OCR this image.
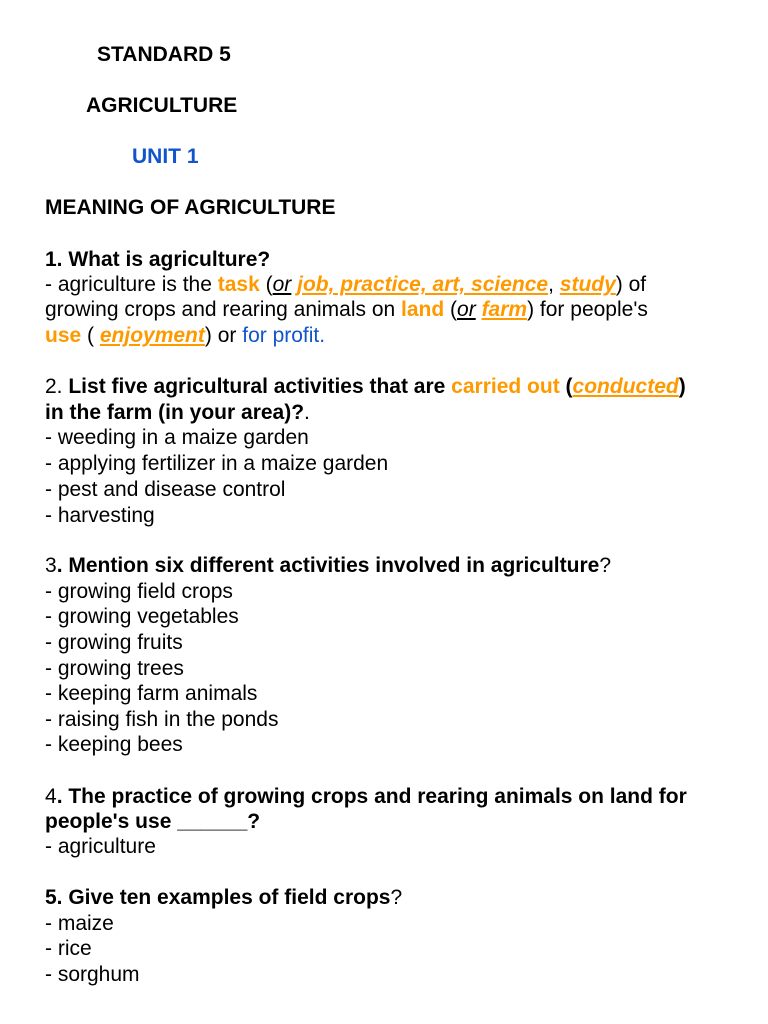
STANDARD 5
AGRICULTURE
UNIT 1
MEANING OF AGRICULTURE
1. What is agriculture?
- agriculture is the task (or job, practice, art, science, study) of
growing crops and rearing animals on land (or farm) for people's
use ( enjoyment) or for profit.
2. List five agricultural activities that are carried out (conducted)
in the farm (in your area)?.
- weeding in a maize garden
- applying fertilizer in a maize garden
- pest and disease control
- harvesting
3. Mention six different activities involved in agriculture?
- growing field crops
- growing vegetables
- growing fruits
- growing trees
- keeping farm animals
- raising fish in the ponds
- keeping bees
4. The practice of growing crops and rearing animals on land for
people's use ______?
- agriculture
5. Give ten examples of field crops?
- maize
- rice
- sorghum
